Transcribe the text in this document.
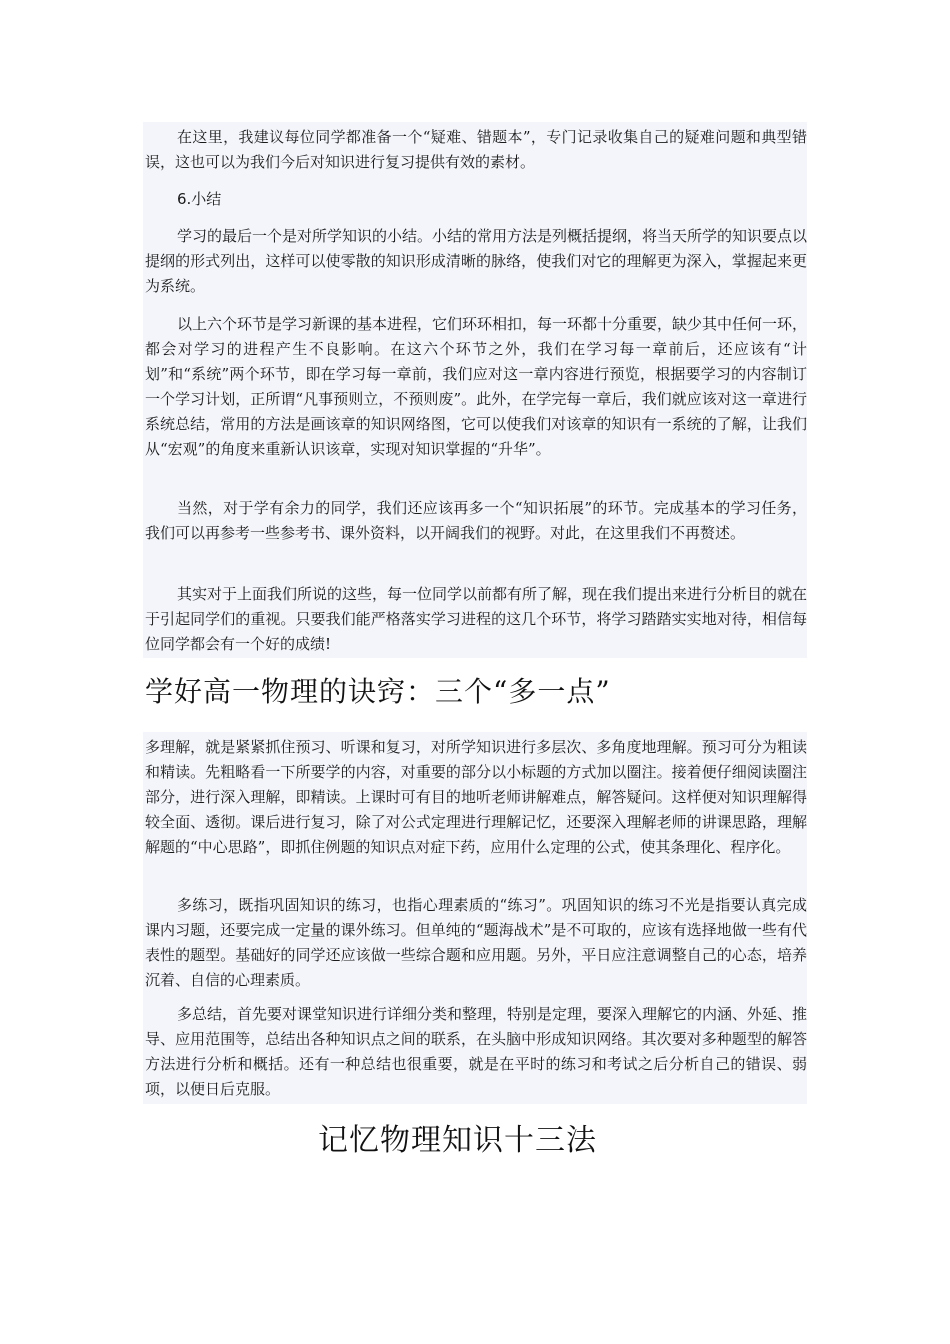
在这里，我建议每位同学都准备一个“疑难、错题本”，专门记录收集自己的疑难问题和典型错误，这也可以为我们今后对知识进行复习提供有效的素材。

6.小结

学习的最后一个是对所学知识的小结。小结的常用方法是列概括提纲，将当天所学的知识要点以提纲的形式列出，这样可以使零散的知识形成清晰的脉络，使我们对它的理解更为深入，掌握起来更为系统。

以上六个环节是学习新课的基本进程，它们环环相扣，每一环都十分重要，缺少其中任何一环，都会对学习的进程产生不良影响。在这六个环节之外，我们在学习每一章前后，还应该有“计划”和“系统”两个环节，即在学习每一章前，我们应对这一章内容进行预览，根据要学习的内容制订一个学习计划，正所谓“凡事预则立，不预则废”。此外，在学完每一章后，我们就应该对这一章进行系统总结，常用的方法是画该章的知识网络图，它可以使我们对该章的知识有一系统的了解，让我们从“宏观”的角度来重新认识该章，实现对知识掌握的“升华”。

当然，对于学有余力的同学，我们还应该再多一个“知识拓展”的环节。完成基本的学习任务，我们可以再参考一些参考书、课外资料，以开阔我们的视野。对此，在这里我们不再赘述。

其实对于上面我们所说的这些，每一位同学以前都有所了解，现在我们提出来进行分析目的就在于引起同学们的重视。只要我们能严格落实学习进程的这几个环节，将学习踏踏实实地对待，相信每位同学都会有一个好的成绩!

学好高一物理的诀窍：三个“多一点”

多理解，就是紧紧抓住预习、听课和复习，对所学知识进行多层次、多角度地理解。预习可分为粗读和精读。先粗略看一下所要学的内容，对重要的部分以小标题的方式加以圈注。接着便仔细阅读圈注部分，进行深入理解，即精读。上课时可有目的地听老师讲解难点，解答疑问。这样便对知识理解得较全面、透彻。课后进行复习，除了对公式定理进行理解记忆，还要深入理解老师的讲课思路，理解解题的“中心思路”，即抓住例题的知识点对症下药，应用什么定理的公式，使其条理化、程序化。

多练习，既指巩固知识的练习，也指心理素质的“练习”。巩固知识的练习不光是指要认真完成课内习题，还要完成一定量的课外练习。但单纯的“题海战术”是不可取的，应该有选择地做一些有代表性的题型。基础好的同学还应该做一些综合题和应用题。另外，平日应注意调整自己的心态，培养沉着、自信的心理素质。

多总结，首先要对课堂知识进行详细分类和整理，特别是定理，要深入理解它的内涵、外延、推导、应用范围等，总结出各种知识点之间的联系，在头脑中形成知识网络。其次要对多种题型的解答方法进行分析和概括。还有一种总结也很重要，就是在平时的练习和考试之后分析自己的错误、弱项，以便日后克服。

记忆物理知识十三法
